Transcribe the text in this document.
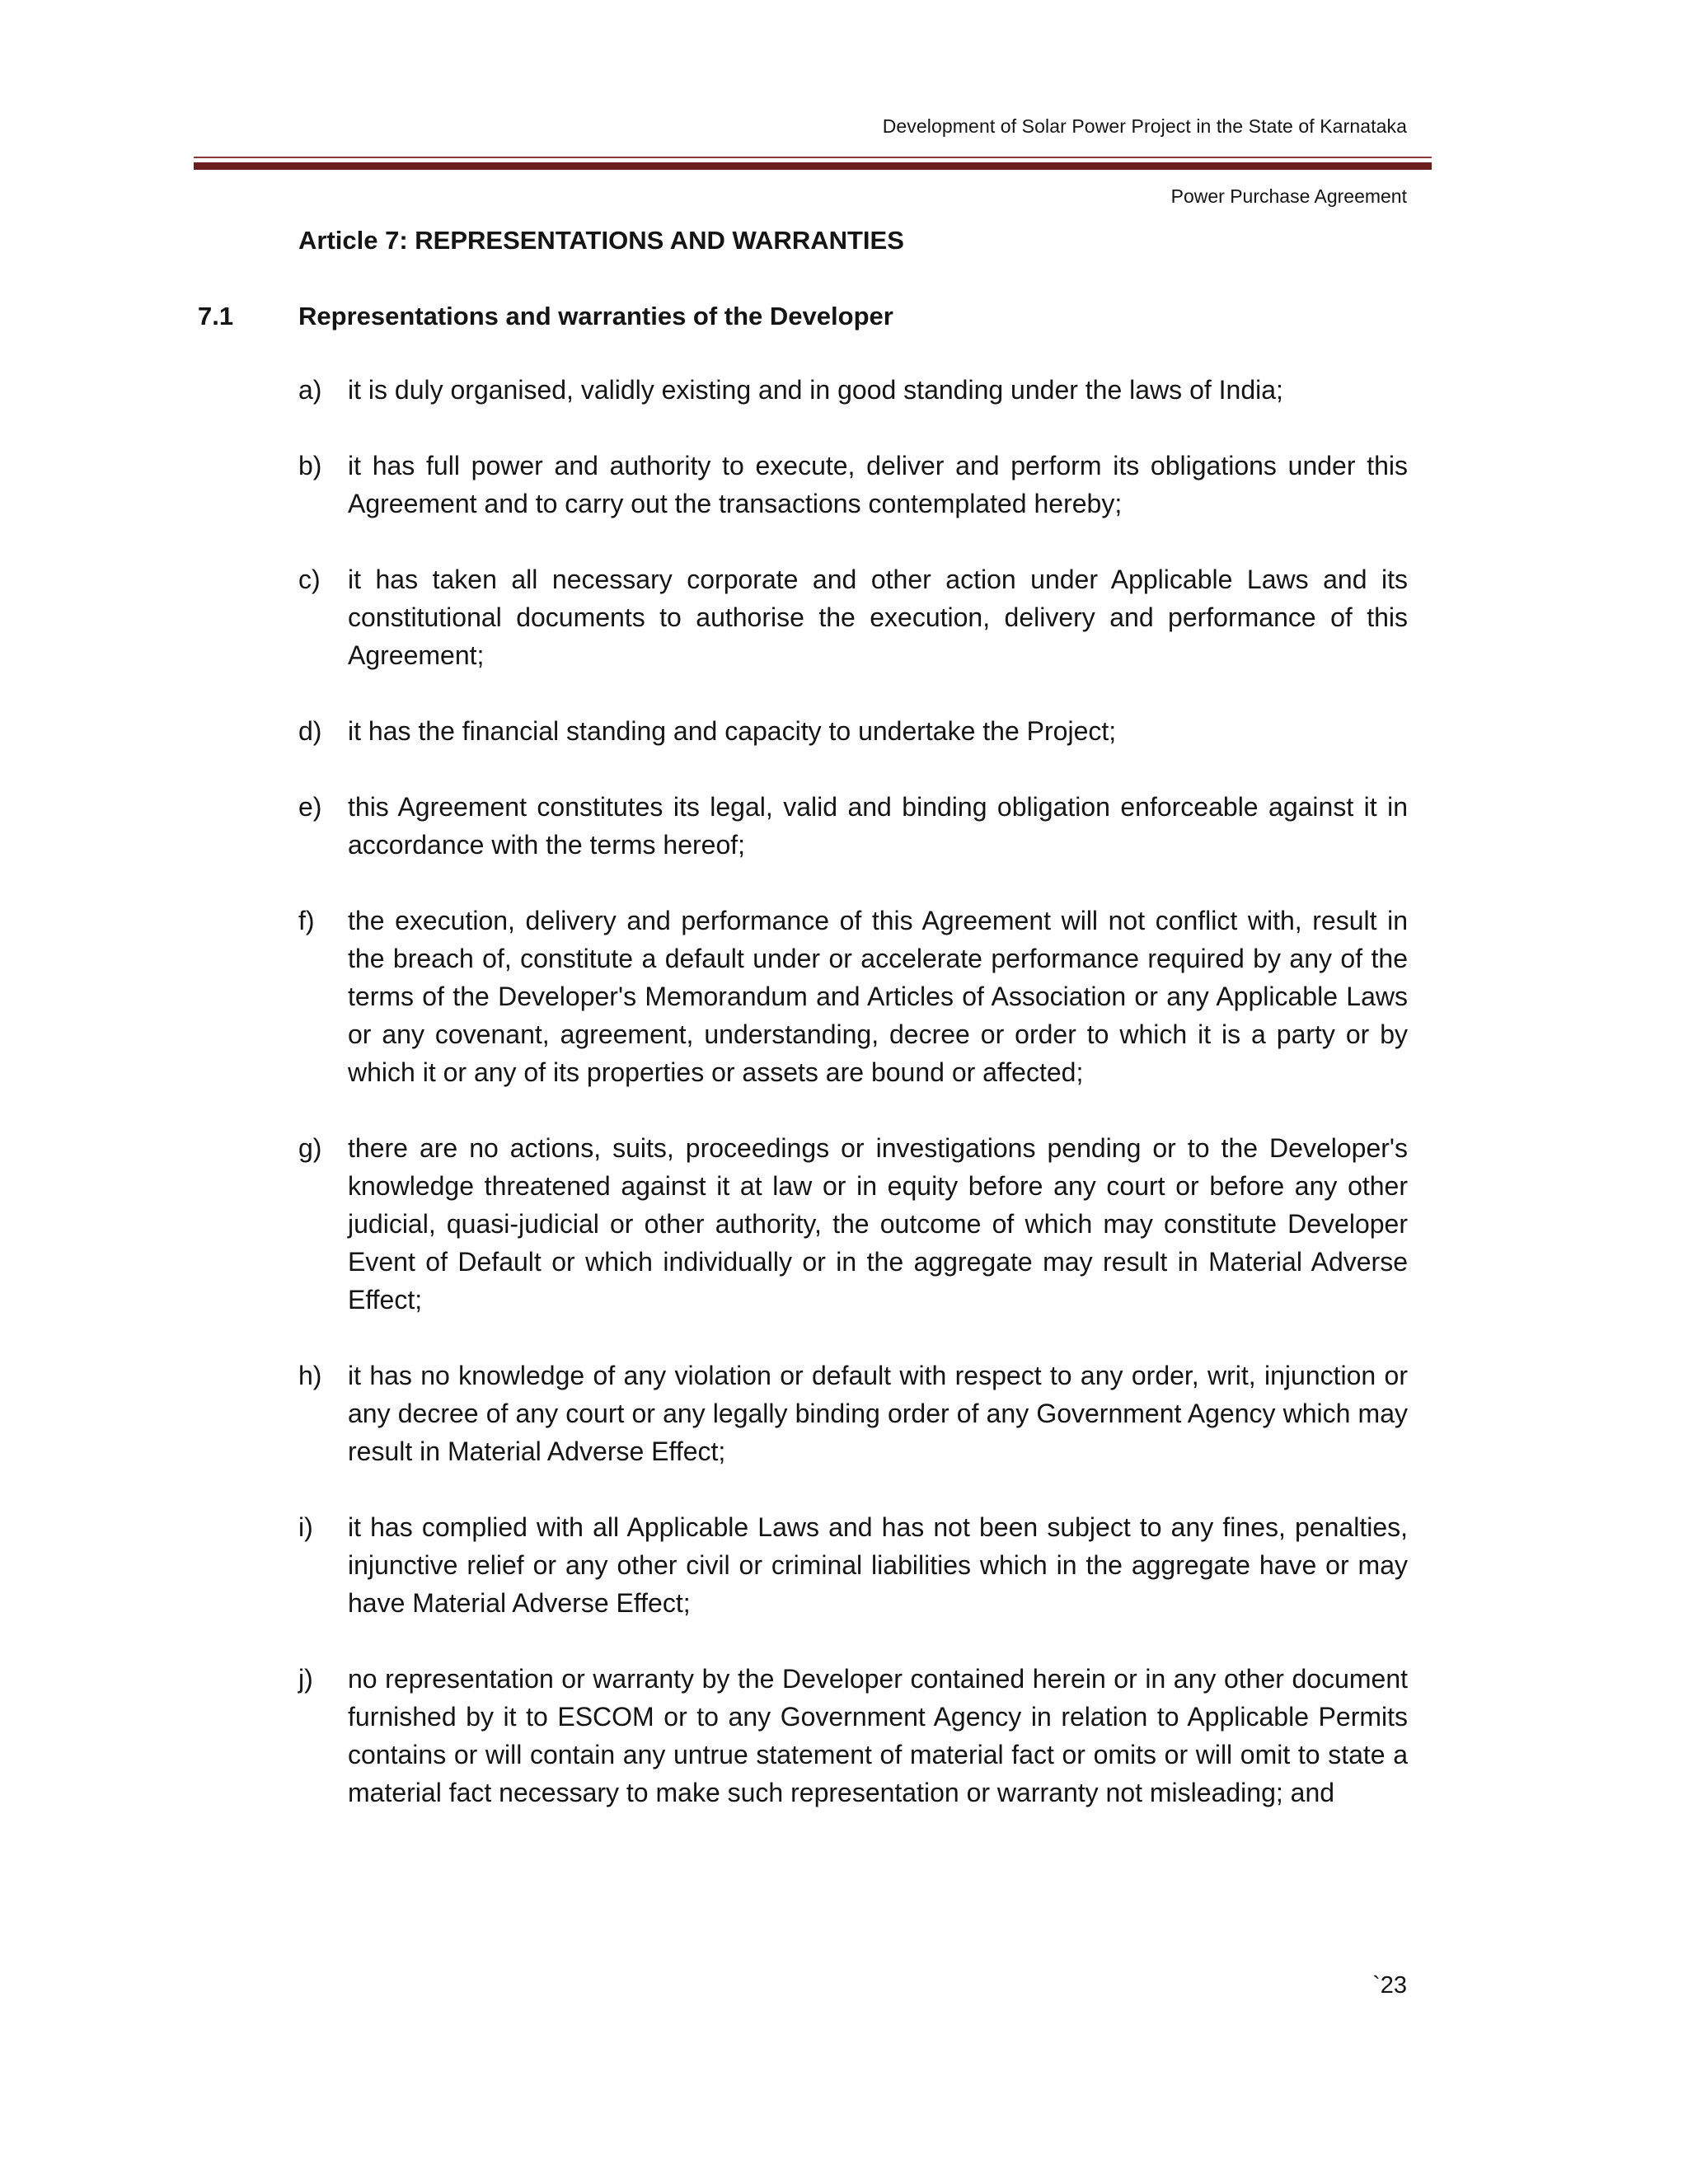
Development of Solar Power Project in the State of Karnataka
Power Purchase Agreement
Article 7: REPRESENTATIONS AND WARRANTIES
7.1	Representations and warranties of the Developer
a) it is duly organised, validly existing and in good standing under the laws of India;
b) it has full power and authority to execute, deliver and perform its obligations under this Agreement and to carry out the transactions contemplated hereby;
c) it has taken all necessary corporate and other action under Applicable Laws and its constitutional documents to authorise the execution, delivery and performance of this Agreement;
d) it has the financial standing and capacity to undertake the Project;
e) this Agreement constitutes its legal, valid and binding obligation enforceable against it in accordance with the terms hereof;
f) the execution, delivery and performance of this Agreement will not conflict with, result in the breach of, constitute a default under or accelerate performance required by any of the terms of the Developer's Memorandum and Articles of Association or any Applicable Laws or any covenant, agreement, understanding, decree or order to which it is a party or by which it or any of its properties or assets are bound or affected;
g) there are no actions, suits, proceedings or investigations pending or to the Developer's knowledge threatened against it at law or in equity before any court or before any other judicial, quasi-judicial or other authority, the outcome of which may constitute Developer Event of Default or which individually or in the aggregate may result in Material Adverse Effect;
h) it has no knowledge of any violation or default with respect to any order, writ, injunction or any decree of any court or any legally binding order of any Government Agency which may result in Material Adverse Effect;
i) it has complied with all Applicable Laws and has not been subject to any fines, penalties, injunctive relief or any other civil or criminal liabilities which in the aggregate have or may have Material Adverse Effect;
j) no representation or warranty by the Developer contained herein or in any other document furnished by it to ESCOM or to any Government Agency in relation to Applicable Permits contains or will contain any untrue statement of material fact or omits or will omit to state a material fact necessary to make such representation or warranty not misleading; and
`23
